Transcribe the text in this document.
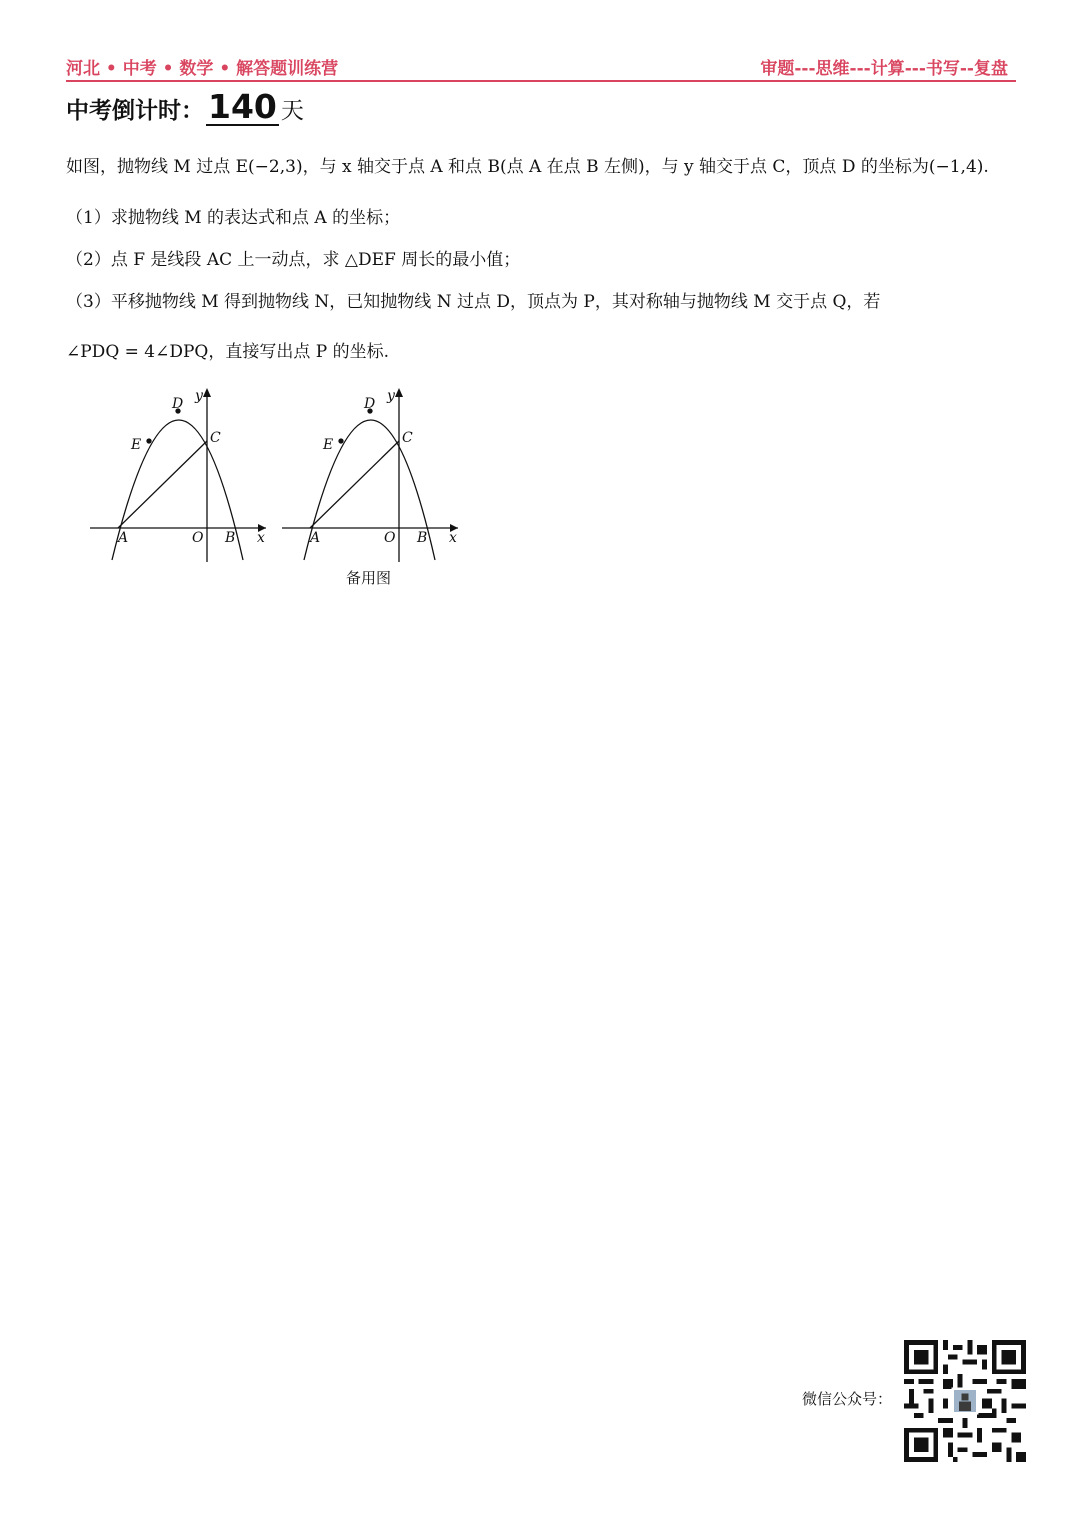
河北 • 中考 • 数学 • 解答题训练营	审题---思维---计算---书写--复盘
中考倒计时： 140 天
如图，抛物线 M 过点 E(−2,3)，与 x 轴交于点 A 和点 B(点 A 在点 B 左侧)，与 y 轴交于点 C，顶点 D 的坐标为(−1,4).
（1）求抛物线 M 的表达式和点 A 的坐标；
（2）点 F 是线段 AC 上一动点，求 △DEF 周长的最小值；
（3）平移抛物线 M 得到抛物线 N，已知抛物线 N 过点 D，顶点为 P，其对称轴与抛物线 M 交于点 Q，若
∠PDQ = 4∠DPQ，直接写出点 P 的坐标.
y
D
E	C
A	O B x
y
D
E	C
A	O B x
备用图
微信公众号：
